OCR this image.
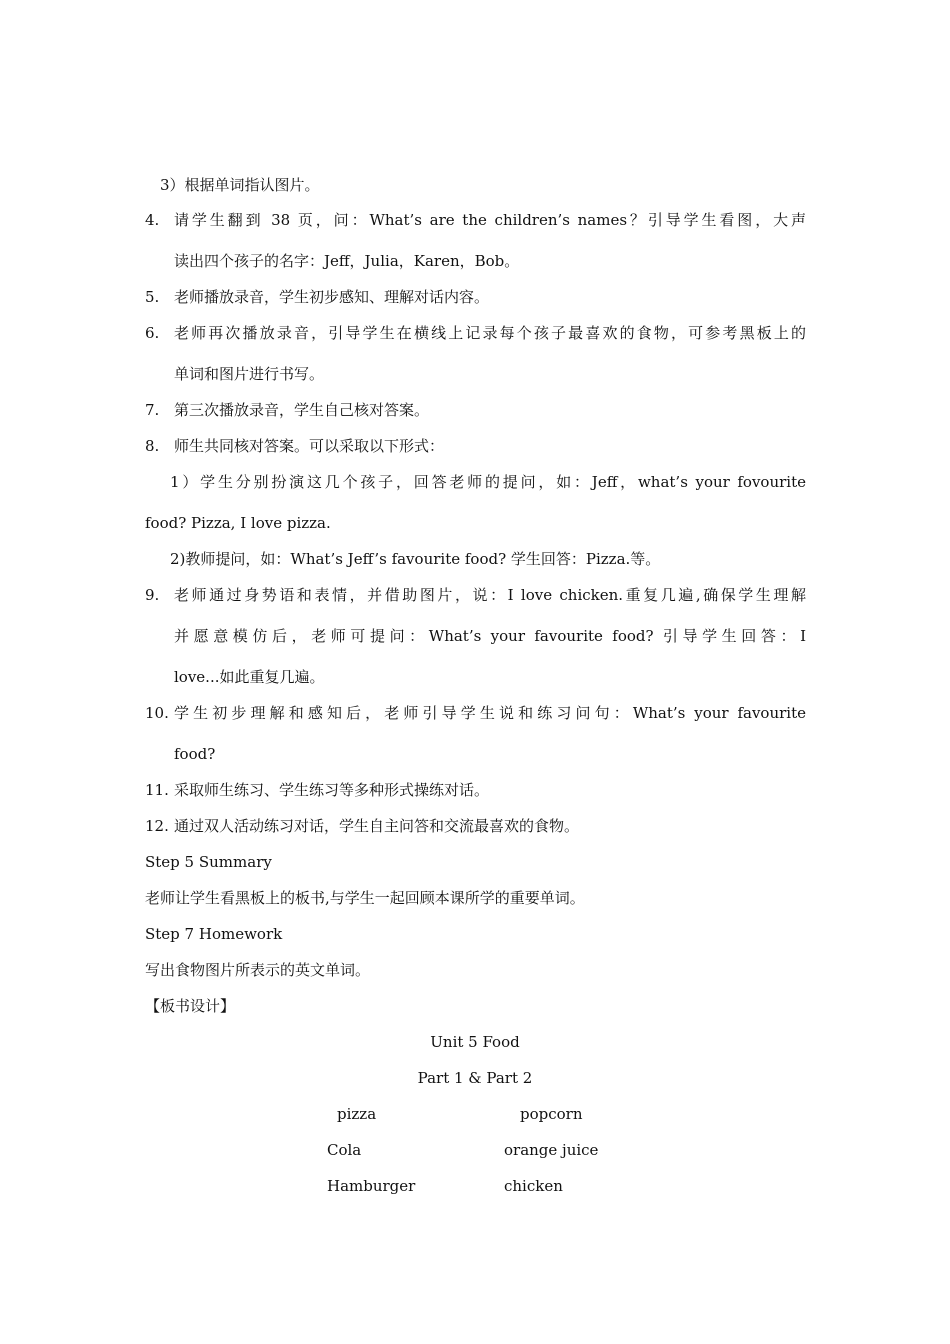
3）根据单词指认图片。
4. 请学生翻到 38 页，问：What’s are the children’s names？引导学生看图，大声
读出四个孩子的名字：Jeff，Julia，Karen，Bob。
5. 老师播放录音，学生初步感知、理解对话内容。
6. 老师再次播放录音，引导学生在横线上记录每个孩子最喜欢的食物，可参考黑板上的
单词和图片进行书写。
7. 第三次播放录音，学生自己核对答案。
8. 师生共同核对答案。可以采取以下形式：
1）学生分别扮演这几个孩子，回答老师的提问，如：Jeff，what’s your fovourite
food? Pizza, I love pizza.
2)教师提问，如：What’s Jeff’s favourite food? 学生回答：Pizza.等。
9. 老师通过身势语和表情，并借助图片，说：I love chicken.重复几遍,确保学生理解
并愿意模仿后，老师可提问：What’s your favourite food? 引导学生回答：I
love...如此重复几遍。
10. 学生初步理解和感知后，老师引导学生说和练习问句：What’s your favourite
food?
11. 采取师生练习、学生练习等多种形式操练对话。
12. 通过双人活动练习对话，学生自主问答和交流最喜欢的食物。
Step 5 Summary
老师让学生看黑板上的板书,与学生一起回顾本课所学的重要单词。
Step 7 Homework
写出食物图片所表示的英文单词。
【板书设计】
Unit 5 Food
Part 1 & Part 2
pizza	popcorn
Cola	orange juice
Hamburger	chicken
